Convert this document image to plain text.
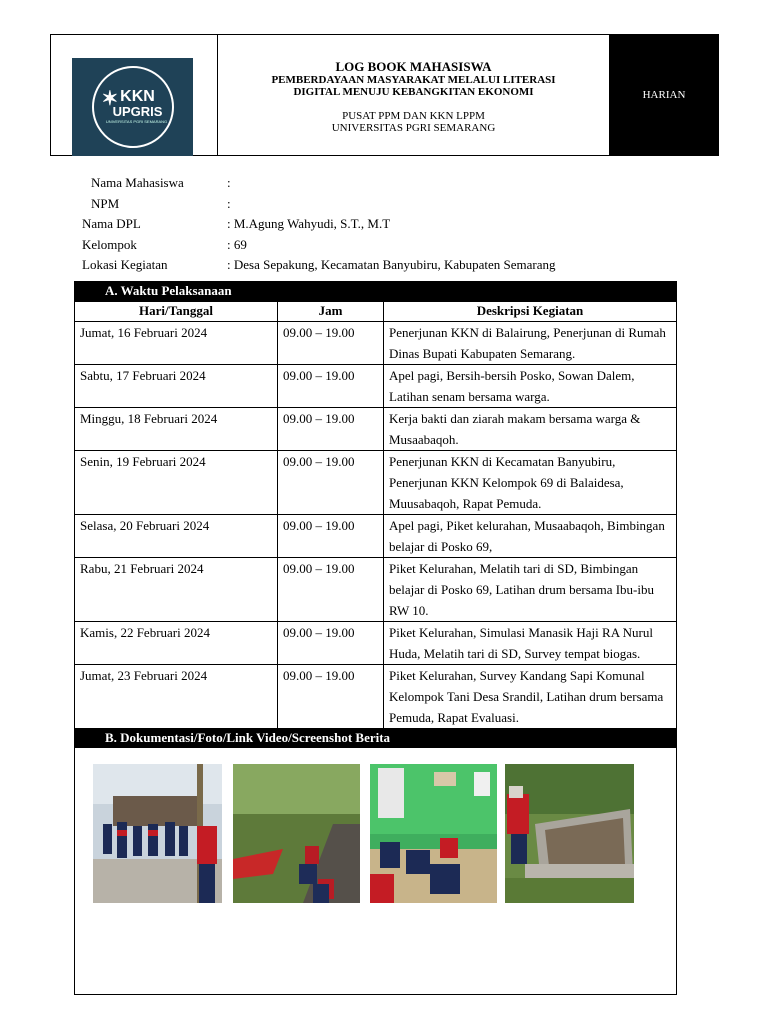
✶ KKN
UPGRIS
UNIVERSITAS PGRI SEMARANG
LOG BOOK MAHASISWA
PEMBERDAYAAN MASYARAKAT MELALUI LITERASI
DIGITAL MENUJU KEBANGKITAN EKONOMI
PUSAT PPM DAN KKN LPPM
UNIVERSITAS PGRI SEMARANG
HARIAN
Nama Mahasiswa	:
NPM	:
Nama DPL	: M.Agung Wahyudi, S.T., M.T
Kelompok	: 69
Lokasi Kegiatan	: Desa Sepakung, Kecamatan Banyubiru, Kabupaten Semarang
A. Waktu Pelaksanaan
Hari/Tanggal	Jam	Deskripsi Kegiatan
Jumat, 16 Februari 2024	09.00 – 19.00	Penerjunan KKN di Balairung, Penerjunan di Rumah Dinas Bupati Kabupaten Semarang.
Sabtu, 17 Februari 2024	09.00 – 19.00	Apel pagi, Bersih-bersih Posko, Sowan Dalem, Latihan senam bersama warga.
Minggu, 18 Februari 2024	09.00 – 19.00	Kerja bakti dan ziarah makam bersama warga & Musaabaqoh.
Senin, 19 Februari 2024	09.00 – 19.00	Penerjunan KKN di Kecamatan Banyubiru, Penerjunan KKN Kelompok 69 di Balaidesa, Muusabaqoh, Rapat Pemuda.
Selasa, 20 Februari 2024	09.00 – 19.00	Apel pagi, Piket kelurahan, Musaabaqoh, Bimbingan belajar di Posko 69,
Rabu, 21 Februari 2024	09.00 – 19.00	Piket Kelurahan, Melatih tari di SD, Bimbingan belajar di Posko 69, Latihan drum bersama Ibu-ibu RW 10.
Kamis, 22 Februari 2024	09.00 – 19.00	Piket Kelurahan, Simulasi Manasik Haji RA Nurul Huda, Melatih tari di SD, Survey tempat biogas.
Jumat, 23 Februari 2024	09.00 – 19.00	Piket Kelurahan, Survey Kandang Sapi Komunal Kelompok Tani Desa Srandil, Latihan drum bersama Pemuda, Rapat Evaluasi.
B. Dokumentasi/Foto/Link Video/Screenshot Berita
